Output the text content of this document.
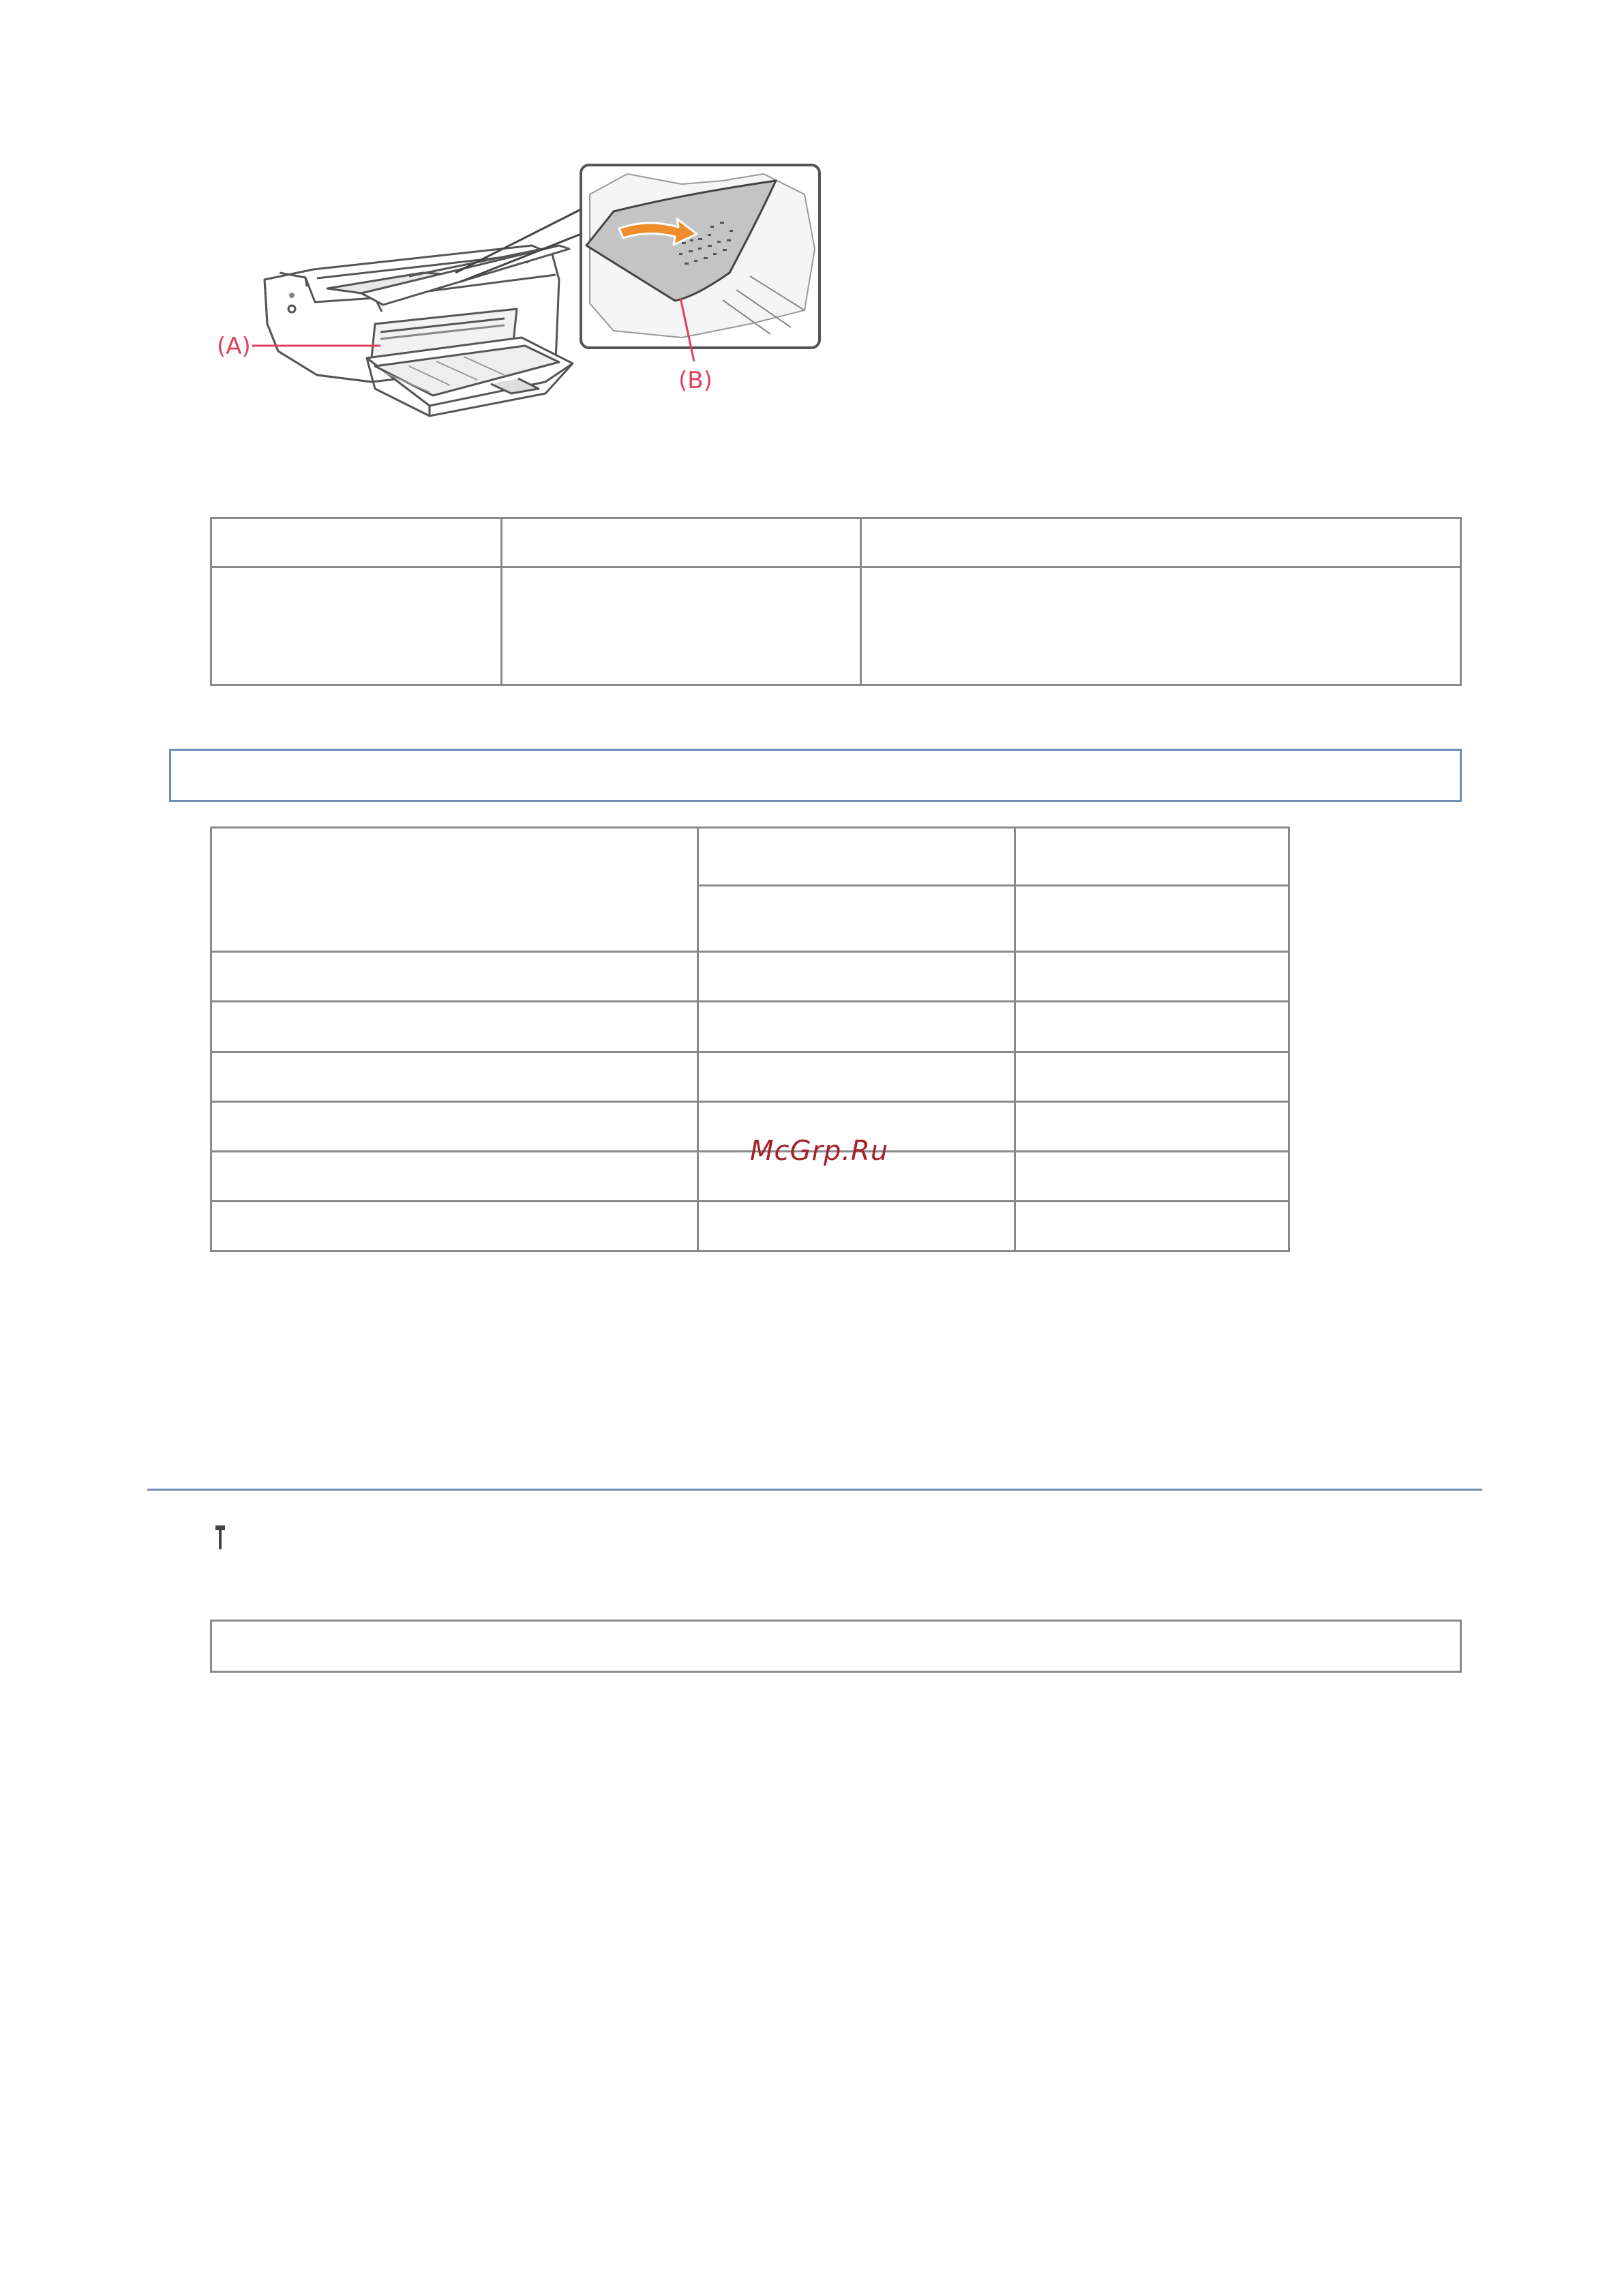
(A)
(B)

McGrp.Ru
